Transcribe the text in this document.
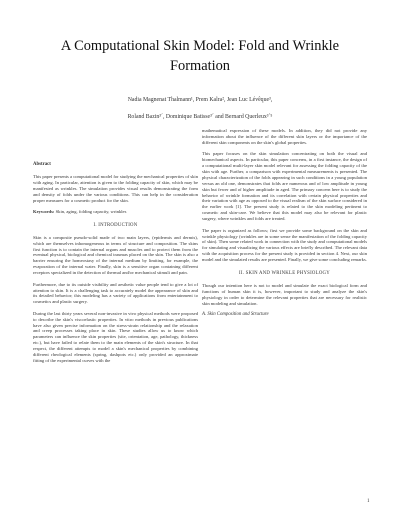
A Computational Skin Model: Fold and Wrinkle Formation
Nadia Magnenat Thalmann¹, Prem Kalra², Jean Luc Lévêque³,
Roland Bazin³´, Dominique Batisse³´ and Bernard Querleux³´⁵
Abstract

This paper presents a computational model for studying the mechanical properties of skin with aging. In particular, attention is given to the folding capacity of skin, which may be manifested as wrinkles. The simulation provides visual results demonstrating the form and density of folds under the various conditions. This can help in the consideration proper measures for a cosmetic product for the skin.

Keywords: Skin, aging, folding capacity, wrinkles

I. INTRODUCTION

Skin is a composite pseudo-solid made of two main layers, (epidermis and dermis), which are themselves inhomogeneous in terms of structure and composition. The skins first function is to contain the internal organs and muscles and to protect them from the eventual physical, biological and chemical traumas placed on the skin. The skin is also a barrier ensuring the homeostasy of the internal medium by limiting, for example, the evaporation of the internal water. Finally, skin is a sensitive organ containing different receptors specialized in the detection of thermal and/or mechanical stimuli and pain.

Furthermore, due to its outside visibility and aesthetic value people tend to give a lot of attention to skin. It is a challenging task to accurately model the appearance of skin and its detailed behavior; this modeling has a variety of applications from entertainment to cosmetics and plastic surgery.

During the last thirty years several non-invasive in vivo physical methods were proposed to describe the skin's viscoelastic properties. In vitro methods in previous publications have also given precise information on the stress-strain relationship and the relaxation and creep processes taking place in skin. These studies allow us to know which parameters can influence the skin properties (site, orientation, age, pathology, thickness etc.), but have failed to relate them to the main elements of the skin's structure. In that respect, the different attempts to model a skin's mechanical properties by combining different rheological elements (spring, dashpots etc.) only provided an approximate fitting of the experimental curves with the

mathematical expression of these models. In addition, they did not provide any information about the influence of the different skin layers or the importance of the different skin components on the skin's global properties.

This paper focuses on the skin simulation concentrating on both the visual and biomechanical aspects. In particular, this paper concerns, in a first instance, the design of a computational multi-layer skin model relevant for assessing the folding capacity of the skin with age. Further, a comparison with experimental measurements is presented. The physical characterization of the folds appearing in such conditions in a young population versus an old one, demonstrates that folds are numerous and of low amplitude in young skin but fewer and of higher amplitude in aged. The primary concern here is to study the behavior of wrinkle formation and its correlation with certain physical properties and their variation with age as opposed to the visual realism of the skin surface considered in the earlier work [1]. The present study is related to the skin modeling pertinent to cosmetic and skin-care. We believe that this model may also be relevant for plastic surgery, where wrinkles and folds are treated.

The paper is organized as follows; first we provide some background on the skin and wrinkle physiology (wrinkles are in some sense the manifestation of the folding capacity of skin). Then some related work in connection with the study and computational models for simulating and visualizing the various effects are briefly described. The relevant data with the acquisition process for the present study is provided in section 4. Next, our skin model and the simulated results are presented. Finally, we give some concluding remarks.

II. SKIN AND WRINKLE PHYSIOLOGY

Though our intention here is not to model and simulate the exact biological form and functions of human skin it is, however, important to study and analyze the skin's physiology in order to determine the relevant properties that are necessary for realistic skin modeling and simulation.

A. Skin Composition and Structure
1
